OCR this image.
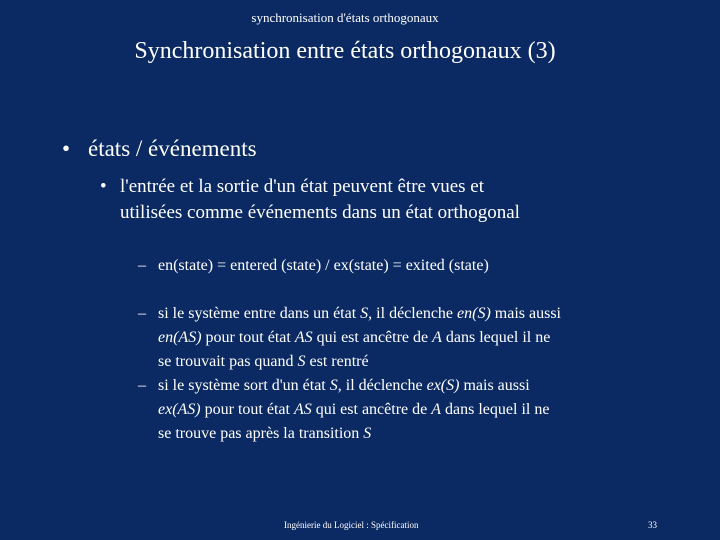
synchronisation d'états orthogonaux
Synchronisation entre états orthogonaux (3)
• états / événements
• l'entrée et la sortie d'un état peuvent être vues et
utilisées comme événements dans un état orthogonal
– en(state) = entered (state) / ex(state) = exited (state)
– si le système entre dans un état S, il déclenche en(S) mais aussi
en(AS) pour tout état AS qui est ancêtre de A dans lequel il ne
se trouvait pas quand S est rentré
– si le système sort d'un état S, il déclenche ex(S) mais aussi
ex(AS) pour tout état AS qui est ancêtre de A dans lequel il ne
se trouve pas après la transition S
Ingénierie du Logiciel : Spécification	33
